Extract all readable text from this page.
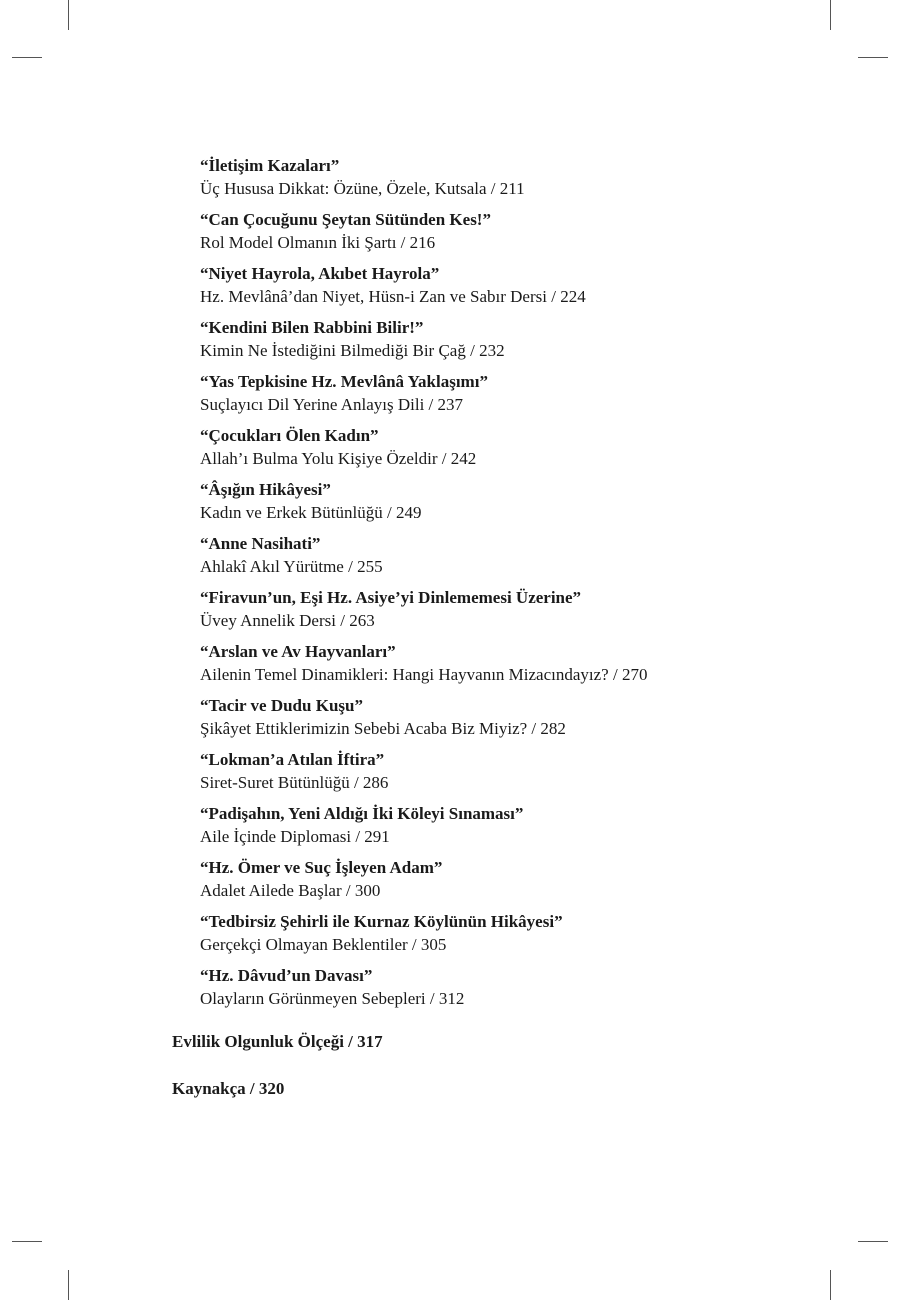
“İletişim Kazaları”
Üç Hususa Dikkat: Özüne, Özele, Kutsala / 211
“Can Çocuğunu Şeytan Sütünden Kes!”
Rol Model Olmanın İki Şartı / 216
“Niyet Hayrola, Akıbet Hayrola”
Hz. Mevlânâ’dan Niyet, Hüsn-i Zan ve Sabır Dersi / 224
“Kendini Bilen Rabbini Bilir!”
Kimin Ne İstediğini Bilmediği Bir Çağ / 232
“Yas Tepkisine Hz. Mevlânâ Yaklaşımı”
Suçlayıcı Dil Yerine Anlayış Dili / 237
“Çocukları Ölen Kadın”
Allah’ı Bulma Yolu Kişiye Özeldir / 242
“Âşığın Hikâyesi”
Kadın ve Erkek Bütünlüğü / 249
“Anne Nasihati”
Ahlakî Akıl Yürütme / 255
“Firavun’un, Eşi Hz. Asiye’yi Dinlememesi Üzerine”
Üvey Annelik Dersi / 263
“Arslan ve Av Hayvanları”
Ailenin Temel Dinamikleri: Hangi Hayvanın Mizacındayız? / 270
“Tacir ve Dudu Kuşu”
Şikâyet Ettiklerimizin Sebebi Acaba Biz Miyiz? / 282
“Lokman’a Atılan İftira”
Siret-Suret Bütünlüğü / 286
“Padişahın, Yeni Aldığı İki Köleyi Sınaması”
Aile İçinde Diplomasi / 291
“Hz. Ömer ve Suç İşleyen Adam”
Adalet Ailede Başlar / 300
“Tedbirsiz Şehirli ile Kurnaz Köylünün Hikâyesi”
Gerçekçi Olmayan Beklentiler / 305
“Hz. Dâvud’un Davası”
Olayların Görünmeyen Sebepleri / 312
Evlilik Olgunluk Ölçeği / 317
Kaynakça / 320
